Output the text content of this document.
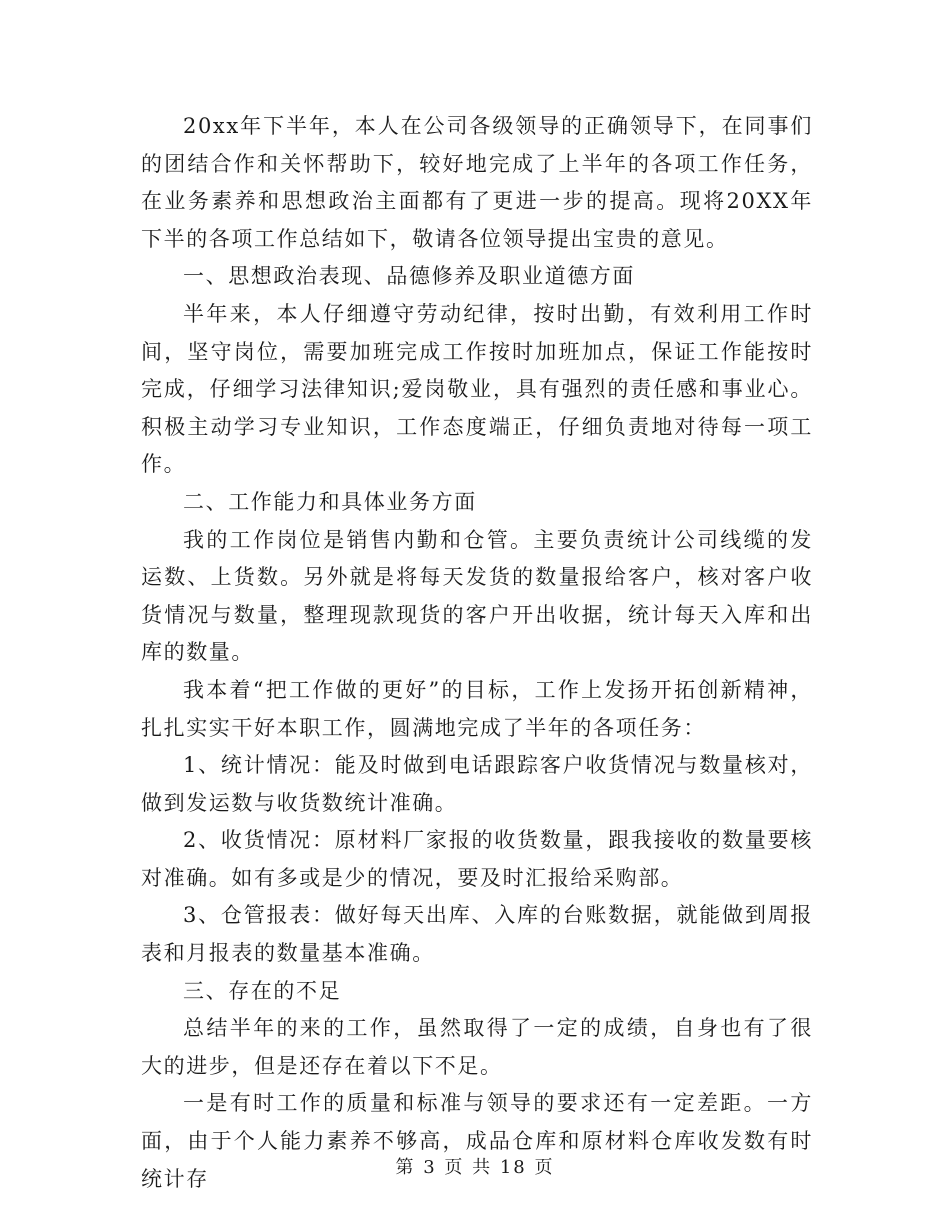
20xx年下半年，本人在公司各级领导的正确领导下，在同事们的团结合作和关怀帮助下，较好地完成了上半年的各项工作任务，在业务素养和思想政治主面都有了更进一步的提高。现将20XX年下半的各项工作总结如下，敬请各位领导提出宝贵的意见。

一、思想政治表现、品德修养及职业道德方面

半年来，本人仔细遵守劳动纪律，按时出勤，有效利用工作时间，坚守岗位，需要加班完成工作按时加班加点，保证工作能按时完成，仔细学习法律知识;爱岗敬业，具有强烈的责任感和事业心。积极主动学习专业知识，工作态度端正，仔细负责地对待每一项工作。

二、工作能力和具体业务方面

我的工作岗位是销售内勤和仓管。主要负责统计公司线缆的发运数、上货数。另外就是将每天发货的数量报给客户，核对客户收货情况与数量，整理现款现货的客户开出收据，统计每天入库和出库的数量。

我本着“把工作做的更好”的目标，工作上发扬开拓创新精神，扎扎实实干好本职工作，圆满地完成了半年的各项任务：

1、统计情况：能及时做到电话跟踪客户收货情况与数量核对，做到发运数与收货数统计准确。

2、收货情况：原材料厂家报的收货数量，跟我接收的数量要核对准确。如有多或是少的情况，要及时汇报给采购部。

3、仓管报表：做好每天出库、入库的台账数据，就能做到周报表和月报表的数量基本准确。

三、存在的不足

总结半年的来的工作，虽然取得了一定的成绩，自身也有了很大的进步，但是还存在着以下不足。

一是有时工作的质量和标准与领导的要求还有一定差距。一方面，由于个人能力素养不够高，成品仓库和原材料仓库收发数有时统计存	第 3 页 共 18 页
